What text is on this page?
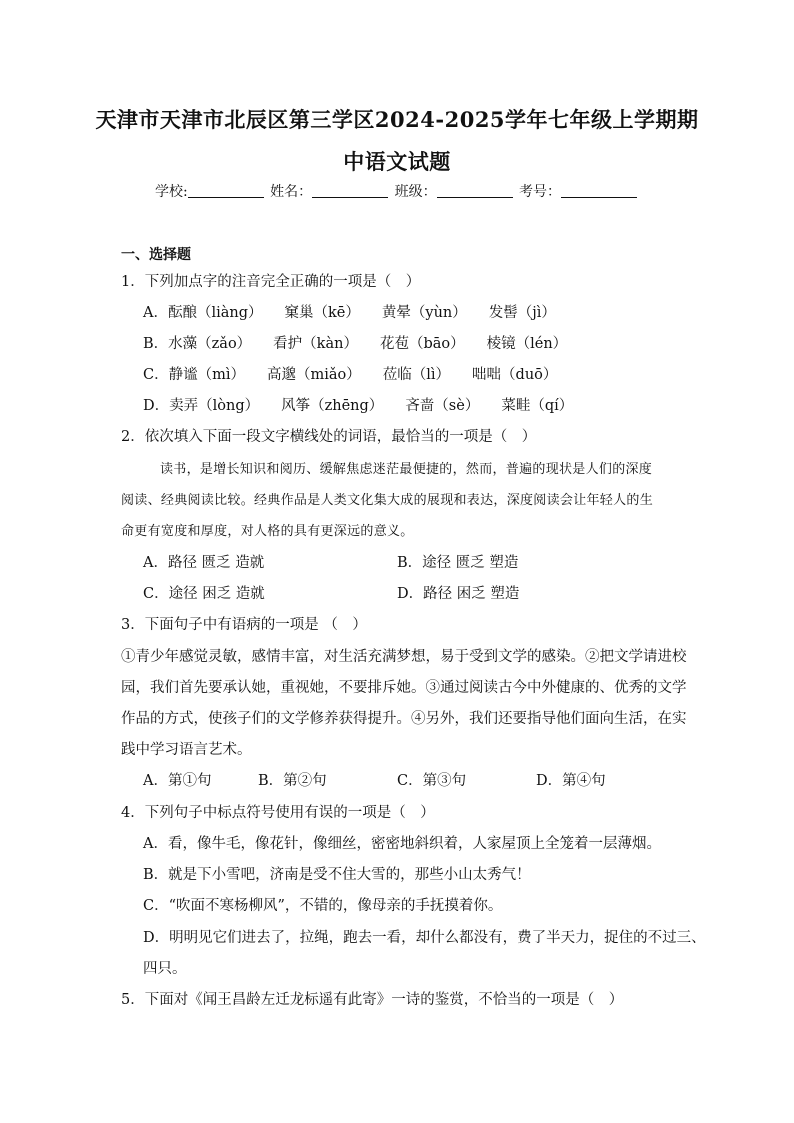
天津市天津市北辰区第三学区2024-2025学年七年级上学期期
中语文试题
学校:	姓名：	班级：	考号：
一、选择题
1．下列加点字的注音完全正确的一项是（　）
A．酝酿（liàng） 窠巢（kē） 黄晕（yùn） 发髻（jì）
B．水藻（zǎo） 看护（kàn） 花苞（bāo） 棱镜（lén）
C．静谧（mì） 高邈（miǎo） 莅临（lì） 咄咄（duō）
D．卖弄（lòng） 风筝（zhēng） 吝啬（sè） 菜畦（qí）
2．依次填入下面一段文字横线处的词语，最恰当的一项是（　）
读书，是增长知识和阅历、缓解焦虑迷茫最便捷的，然而，普遍的现状是人们的深度
阅读、经典阅读比较。经典作品是人类文化集大成的展现和表达，深度阅读会让年轻人的生
命更有宽度和厚度，对人格的具有更深远的意义。
A．路径 匮乏 造就	B．途径 匮乏 塑造
C．途径 困乏 造就	D．路径 困乏 塑造
3．下面句子中有语病的一项是 （　）
①青少年感觉灵敏，感情丰富，对生活充满梦想，易于受到文学的感染。②把文学请进校
园，我们首先要承认她，重视她，不要排斥她。③通过阅读古今中外健康的、优秀的文学
作品的方式，使孩子们的文学修养获得提升。④另外，我们还要指导他们面向生活，在实
践中学习语言艺术。
A．第①句	B．第②句	C．第③句	D．第④句
4．下列句子中标点符号使用有误的一项是（　）
A．看，像牛毛，像花针，像细丝，密密地斜织着，人家屋顶上全笼着一层薄烟。
B．就是下小雪吧，济南是受不住大雪的，那些小山太秀气！
C．“吹面不寒杨柳风”，不错的，像母亲的手抚摸着你。
D．明明见它们进去了，拉绳，跑去一看，却什么都没有，费了半天力，捉住的不过三、
四只。
5．下面对《闻王昌龄左迁龙标遥有此寄》一诗的鉴赏，不恰当的一项是（　）
